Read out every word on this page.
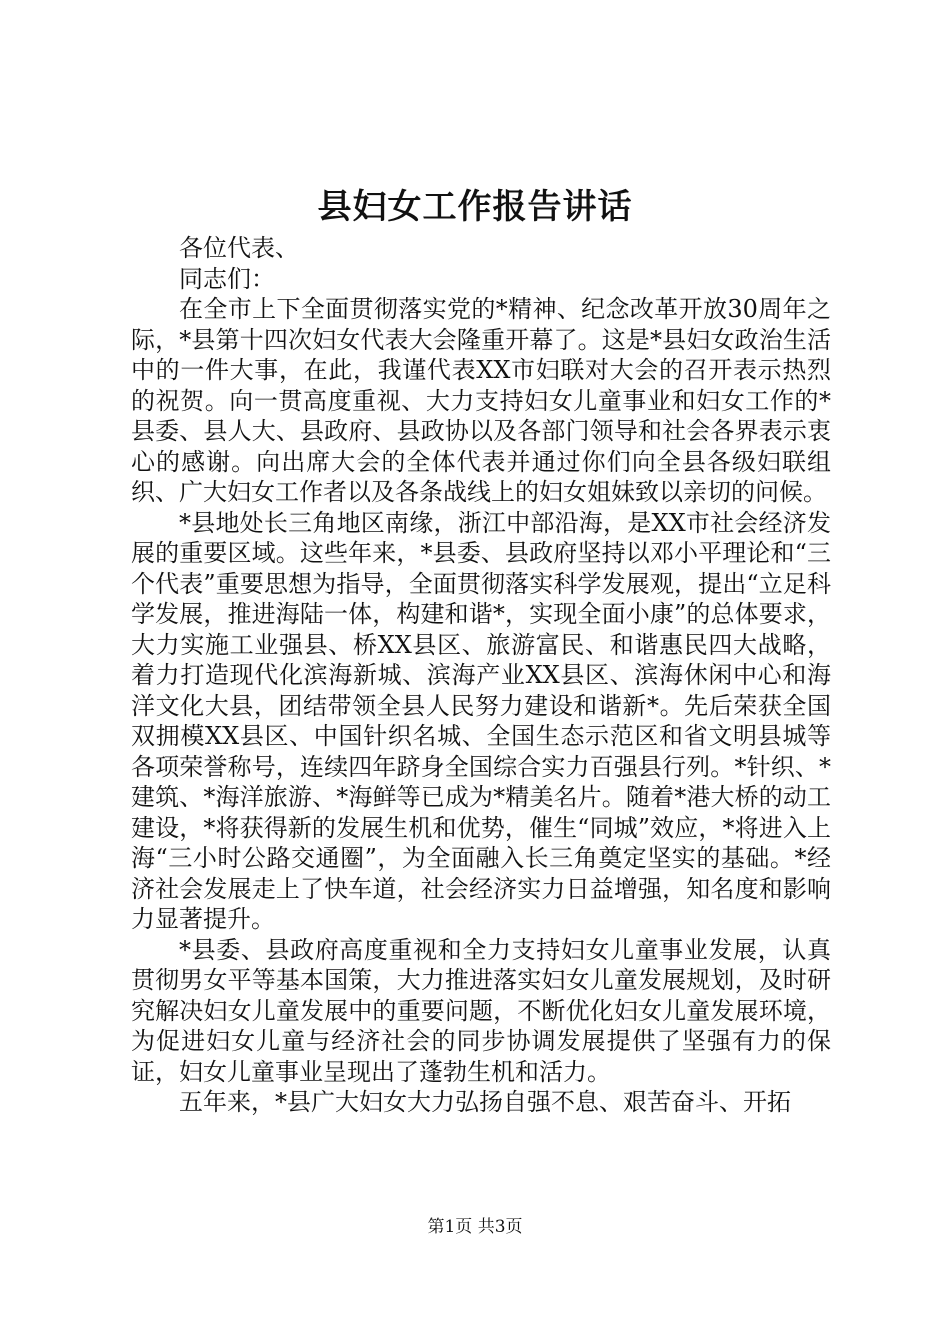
县妇女工作报告讲话

各位代表、

同志们：

在全市上下全面贯彻落实党的*精神、纪念改革开放30周年之际，*县第十四次妇女代表大会隆重开幕了。这是*县妇女政治生活中的一件大事，在此，我谨代表XX市妇联对大会的召开表示热烈的祝贺。向一贯高度重视、大力支持妇女儿童事业和妇女工作的*县委、县人大、县政府、县政协以及各部门领导和社会各界表示衷心的感谢。向出席大会的全体代表并通过你们向全县各级妇联组织、广大妇女工作者以及各条战线上的妇女姐妹致以亲切的问候。

*县地处长三角地区南缘，浙江中部沿海，是XX市社会经济发展的重要区域。这些年来，*县委、县政府坚持以邓小平理论和“三个代表”重要思想为指导，全面贯彻落实科学发展观，提出“立足科学发展，推进海陆一体，构建和谐*，实现全面小康”的总体要求，大力实施工业强县、桥XX县区、旅游富民、和谐惠民四大战略，着力打造现代化滨海新城、滨海产业XX县区、滨海休闲中心和海洋文化大县，团结带领全县人民努力建设和谐新*。先后荣获全国双拥模XX县区、中国针织名城、全国生态示范区和省文明县城等各项荣誉称号，连续四年跻身全国综合实力百强县行列。*针织、*建筑、*海洋旅游、*海鲜等已成为*精美名片。随着*港大桥的动工建设，*将获得新的发展生机和优势，催生“同城”效应，*将进入上海“三小时公路交通圈”，为全面融入长三角奠定坚实的基础。*经济社会发展走上了快车道，社会经济实力日益增强，知名度和影响力显著提升。

*县委、县政府高度重视和全力支持妇女儿童事业发展，认真贯彻男女平等基本国策，大力推进落实妇女儿童发展规划，及时研究解决妇女儿童发展中的重要问题，不断优化妇女儿童发展环境，为促进妇女儿童与经济社会的同步协调发展提供了坚强有力的保证，妇女儿童事业呈现出了蓬勃生机和活力。

五年来，*县广大妇女大力弘扬自强不息、艰苦奋斗、开拓

第1页 共3页
